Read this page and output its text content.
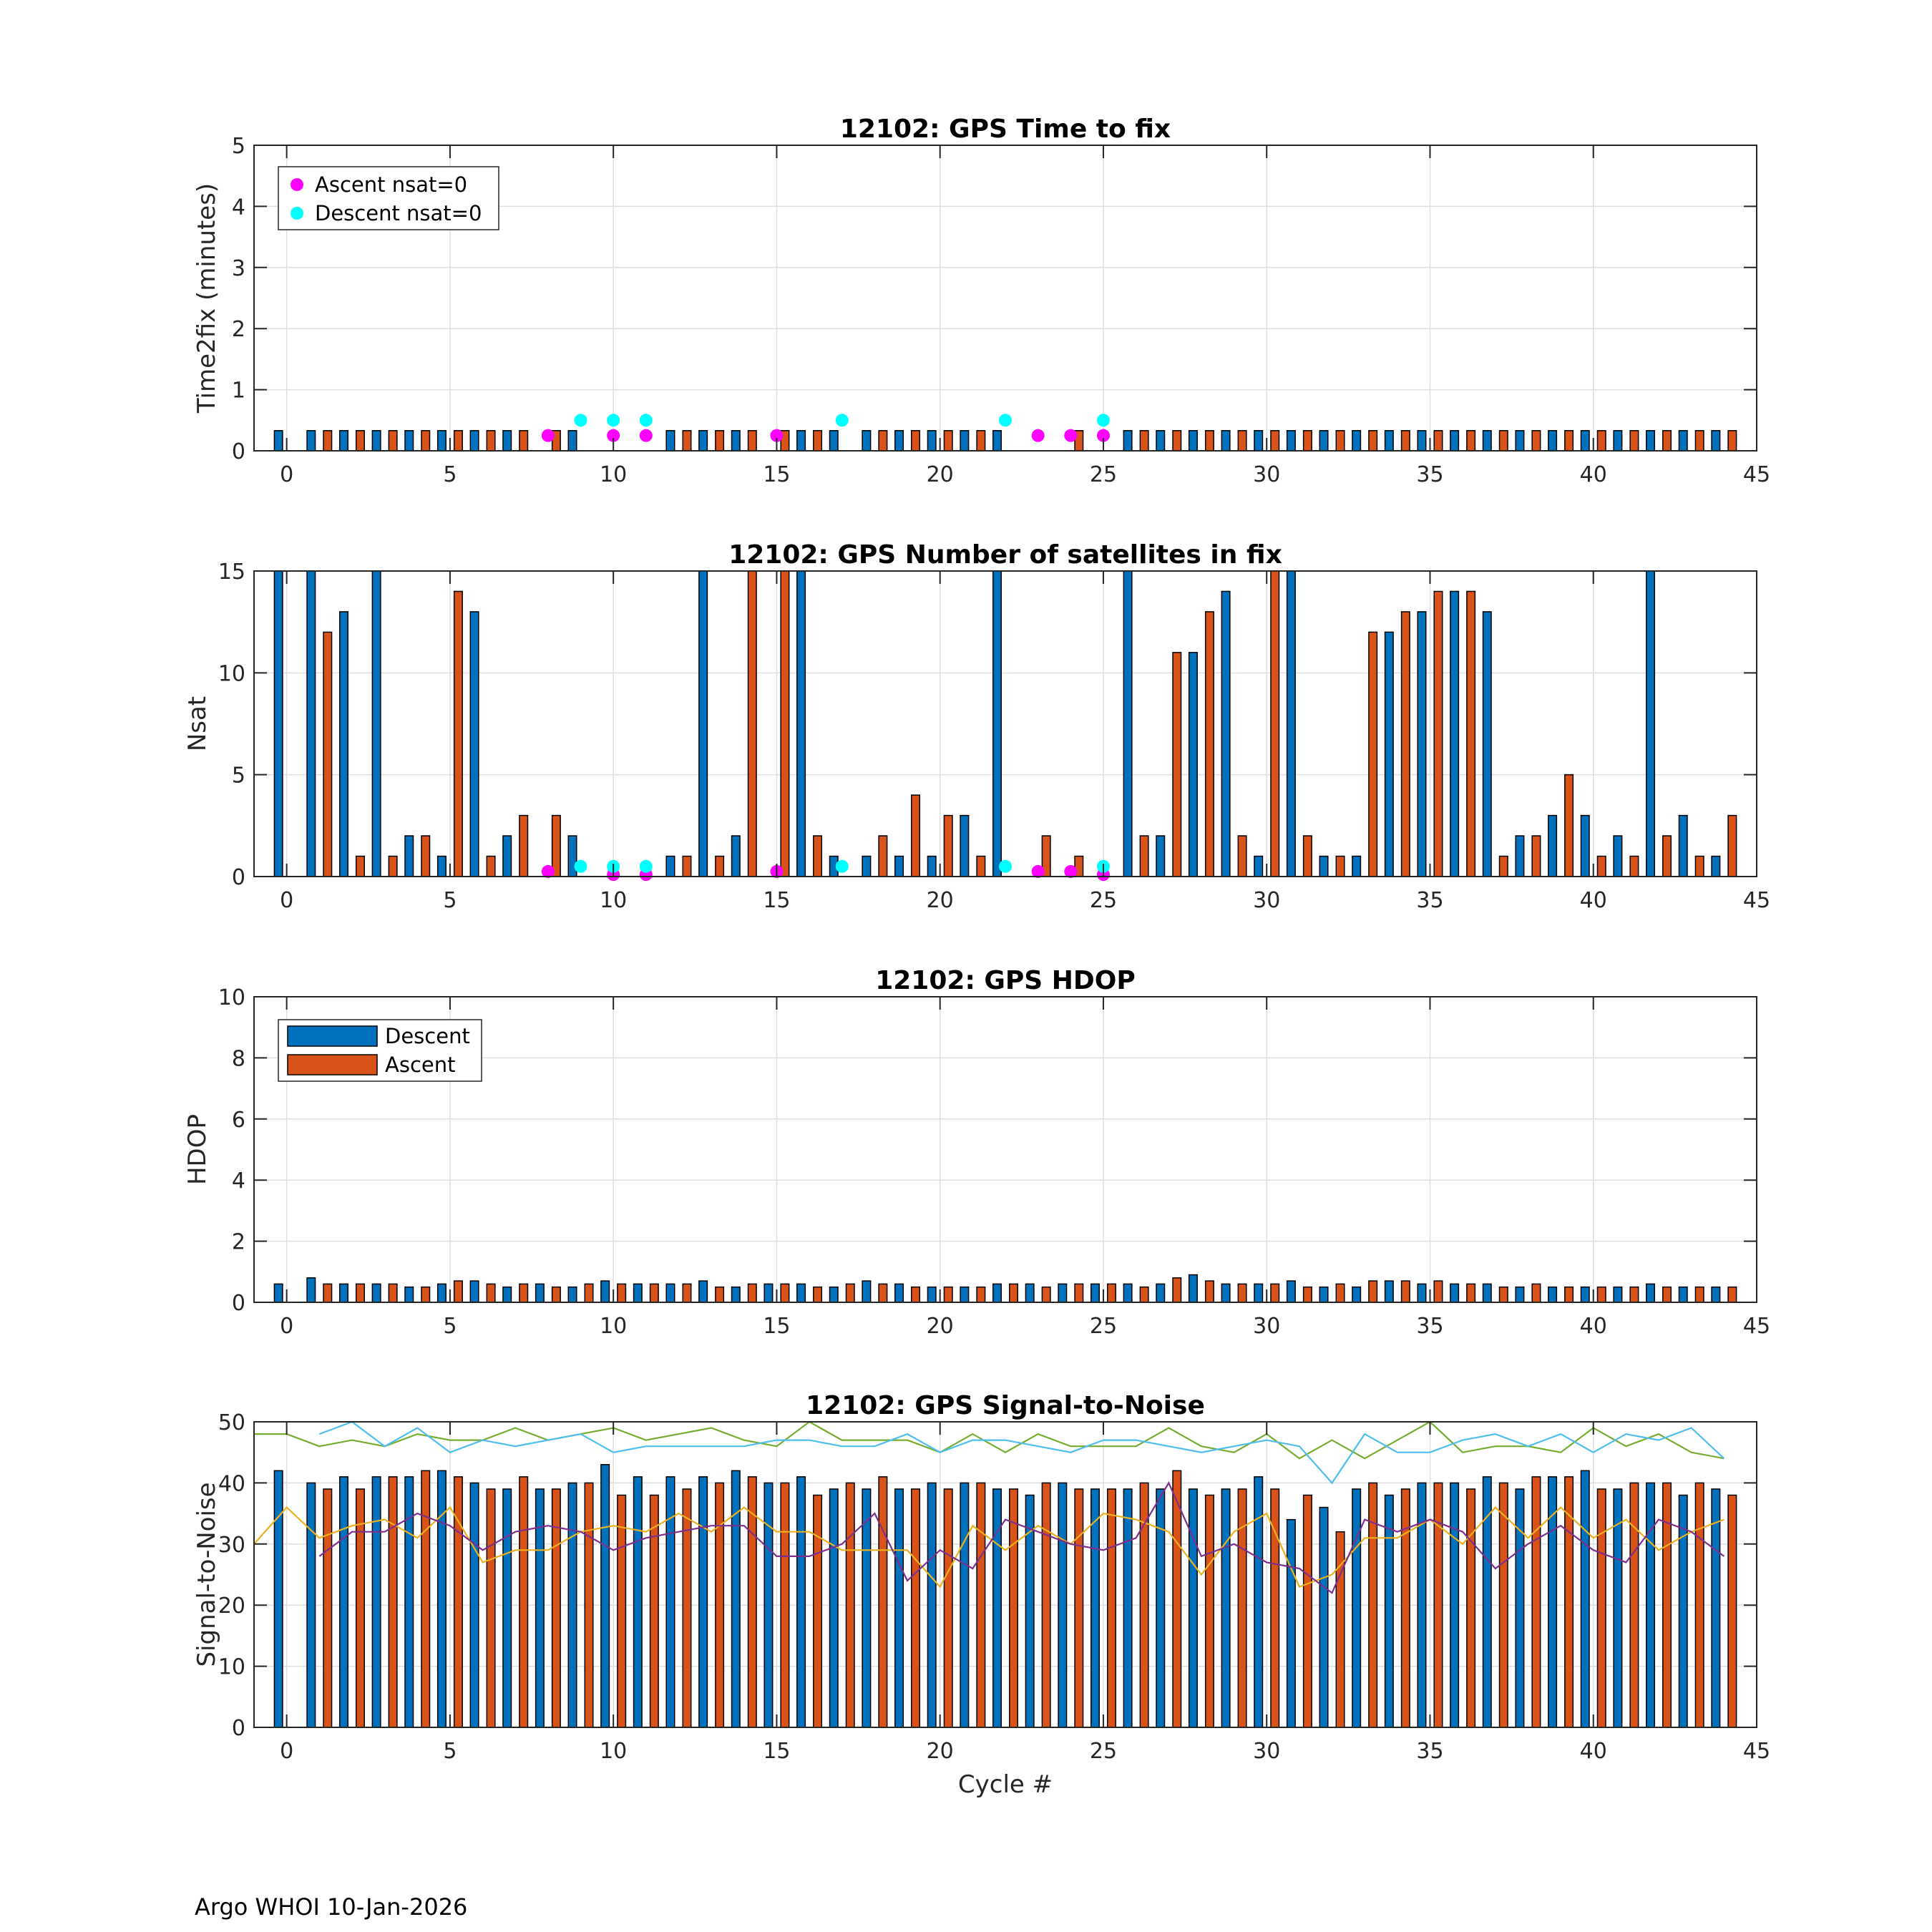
0	5	10	15	20	25	30	35	40	45
0
1
2
3
4
5
12102: GPS Time to fix
Time2fix (minutes)	Ascent nsat=0
Descent nsat=0
0	5	10	15	20	25	30	35	40	45
0
5
10
15
12102: GPS Number of satellites in fix
Nsat
0	5	10	15	20	25	30	35	40	45
0
2
4
6
8
10
12102: GPS HDOP
HDOP
Descent
Ascent
0	5	10	15	20	25	30	35	40	45
0
10
20
30
40
50
12102: GPS Signal-to-Noise
Signal-to-Noise
Cycle #
Argo WHOI 10-Jan-2026
